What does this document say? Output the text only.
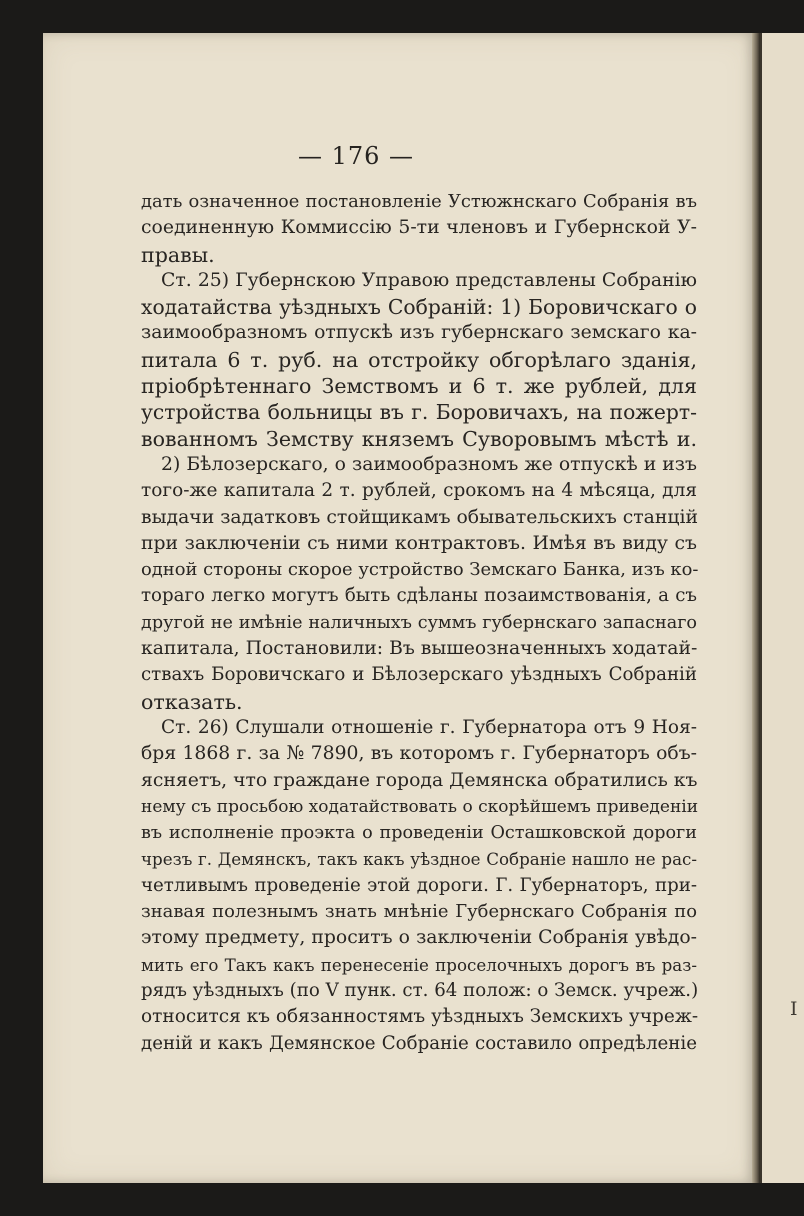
I
— 176 —
дать означенное постановленіе Устюжнскаго Собранія въ
соединенную Коммиссію 5-ти членовъ и Губернской У-
правы.
Ст. 25) Губернскою Управою представлены Собранію
ходатайства уѣздныхъ Собраній: 1) Боровичскаго о
заимообразномъ отпускѣ изъ губернскаго земскаго ка-
питала 6 т. руб. на отстройку обгорѣлаго зданія,
пріобрѣтеннаго Земствомъ и 6 т. же рублей, для
устройства больницы въ г. Боровичахъ, на пожерт-
вованномъ Земству княземъ Суворовымъ мѣстѣ и.
2) Бѣлозерскаго, о заимообразномъ же отпускѣ и изъ
того-же капитала 2 т. рублей, срокомъ на 4 мѣсяца, для
выдачи задатковъ стойщикамъ обывательскихъ станцій
при заключеніи съ ними контрактовъ. Имѣя въ виду съ
одной стороны скорое устройство Земскаго Банка, изъ ко-
тораго легко могутъ быть сдѣланы позаимствованія, а съ
другой не имѣніе наличныхъ суммъ губернскаго запаснаго
капитала, Постановили: Въ вышеозначенныхъ ходатай-
ствахъ Боровичскаго и Бѣлозерскаго уѣздныхъ Собраній
отказать.
Ст. 26) Слушали отношеніе г. Губернатора отъ 9 Ноя-
бря 1868 г. за № 7890, въ которомъ г. Губернаторъ объ-
ясняетъ, что граждане города Демянска обратились къ
нему съ просьбою ходатайствовать о скорѣйшемъ приведеніи
въ исполненіе проэкта о проведеніи Осташковской дороги
чрезъ г. Демянскъ, такъ какъ уѣздное Собраніе нашло не рас-
четливымъ проведеніе этой дороги. Г. Губернаторъ, при-
знавая полезнымъ знать мнѣніе Губернскаго Собранія по
этому предмету, проситъ о заключеніи Собранія увѣдо-
мить его Такъ какъ перенесеніе проселочныхъ дорогъ въ раз-
рядъ уѣздныхъ (по V пунк. ст. 64 полож: о Земск. учреж.)
относится къ обязанностямъ уѣздныхъ Земскихъ учреж-
деній и какъ Демянское Собраніе составило опредѣленіе
